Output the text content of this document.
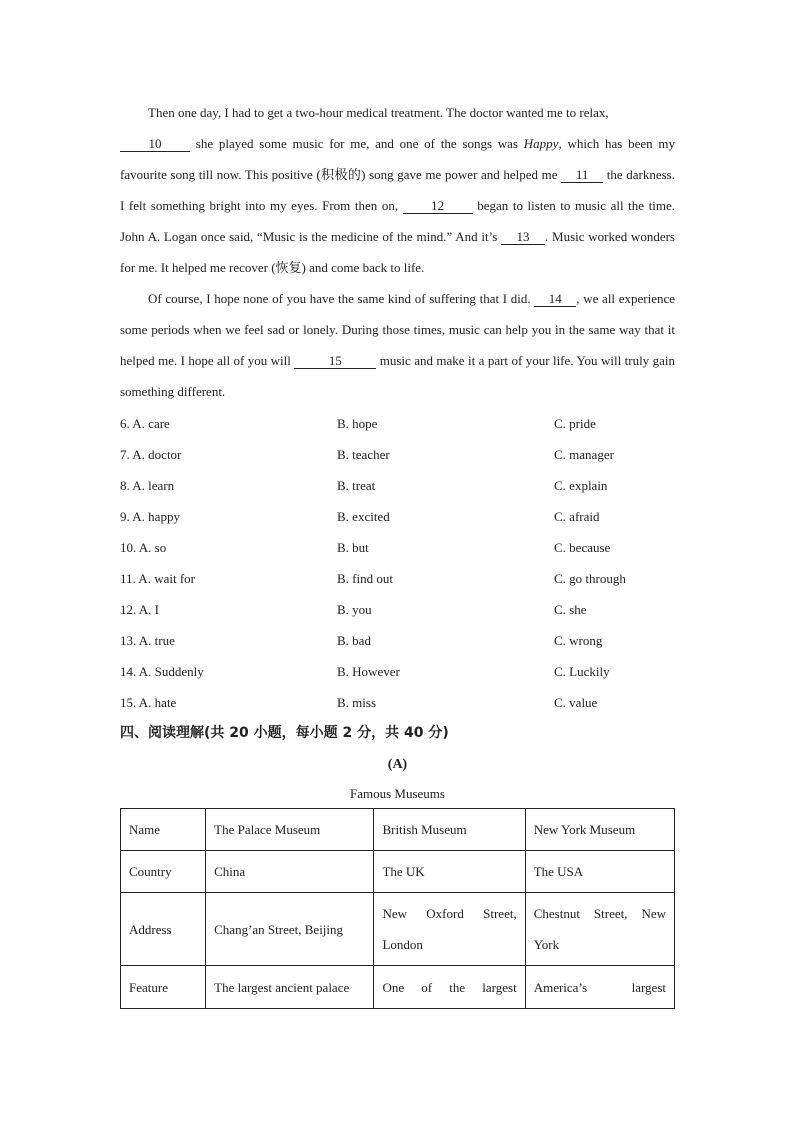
Then one day, I had to get a two-hour medical treatment. The doctor wanted me to relax,
10 she played some music for me, and one of the songs was Happy, which has been my favourite song till now. This positive (积极的) song gave me power and helped me 11 the darkness. I felt something bright into my eyes. From then on, 12 began to listen to music all the time. John A. Logan once said, “Music is the medicine of the mind.” And it’s 13 . Music worked wonders for me. It helped me recover (恢复) and come back to life.

Of course, I hope none of you have the same kind of suffering that I did. 14 , we all experience some periods when we feel sad or lonely. During those times, music can help you in the same way that it helped me. I hope all of you will	15	music and make it a part of your life. You will truly gain something different.

6. A. care	B. hope	C. pride
7. A. doctor	B. teacher	C. manager
8. A. learn	B. treat	C. explain
9. A. happy	B. excited	C. afraid
10. A. so	B. but	C. because
11. A. wait for	B. find out	C. go through
12. A. I	B. you	C. she
13. A. true	B. bad	C. wrong
14. A. Suddenly	B. However	C. Luckily
15. A. hate	B. miss	C. value

四、阅读理解(共 20 小题，每小题 2 分，共 40 分)

(A)

Famous Museums

Name	The Palace Museum	British Museum	New York Museum
Country	China	The UK	The USA
Address	Chang’an Street, Beijing	New Oxford Street, London	Chestnut Street, New York
Feature	The largest ancient palace	One of the largest	America’s largest
